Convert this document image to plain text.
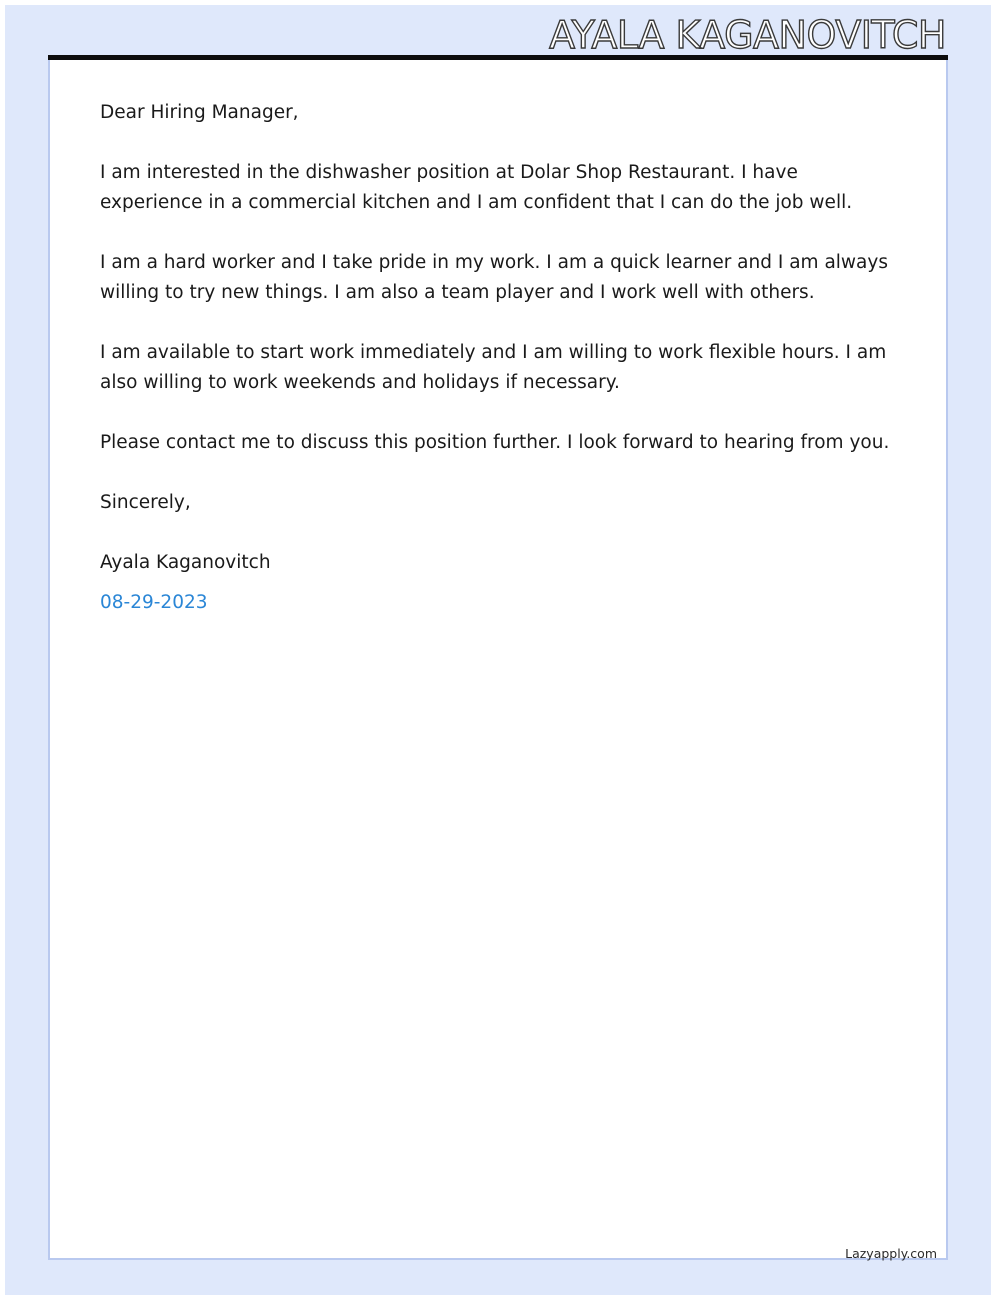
AYALA KAGANOVITCH

Dear Hiring Manager,

I am interested in the dishwasher position at Dolar Shop Restaurant. I have experience in a commercial kitchen and I am confident that I can do the job well.

I am a hard worker and I take pride in my work. I am a quick learner and I am always willing to try new things. I am also a team player and I work well with others.

I am available to start work immediately and I am willing to work flexible hours. I am also willing to work weekends and holidays if necessary.

Please contact me to discuss this position further. I look forward to hearing from you.

Sincerely,

Ayala Kaganovitch

08-29-2023
Lazyapply.com
